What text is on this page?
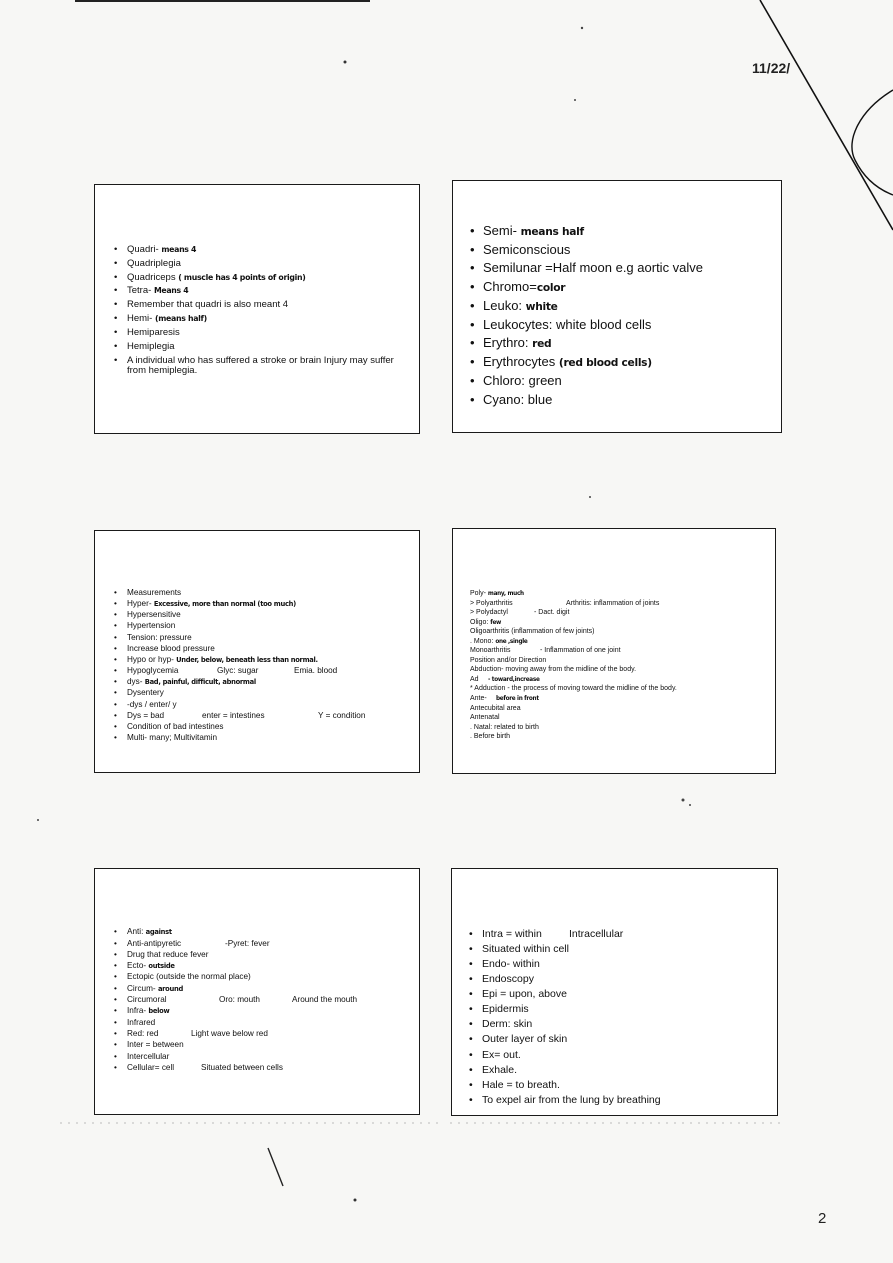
11/22/
• Quadri- means 4
• Quadriplegia
• Quadriceps ( muscle has 4 points of origin)
• Tetra- Means 4
• Remember that quadri is also meant 4
• Hemi- (means half)
• Hemiparesis
• Hemiplegia
• A individual who has suffered a stroke or brain Injury may suffer from hemiplegia.
• Semi- means half
• Semiconscious
• Semilunar =Half moon e.g aortic valve
• Chromo=color
• Leuko: white
• Leukocytes: white blood cells
• Erythro: red
• Erythrocytes (red blood cells)
• Chloro: green
• Cyano: blue
• Measurements
• Hyper- Excessive, more than normal (too much)
• Hypersensitive
• Hypertension
• Tension: pressure
• Increase blood pressure
• Hypo or hyp- Under, below, beneath less than normal.
• Hypoglycemia	Glyc: sugar	Emia. blood
• dys- Bad, painful, difficult, abnormal
• Dysentery
• -dys / enter/ y
• Dys = bad	enter = intestines	Y = condition
• Condition of bad intestines
• Multi- many; Multivitamin
Poly- many, much
> Polyarthritis	Arthritis: inflammation of joints
> Polydactyl	- Dact. digit
Oligo: few
Oligoarthritis (inflammation of few joints)
. Mono: one ,single
Monoarthritis	- Inflammation of one joint
Position and/or Direction
Abduction- moving away from the midline of the body.
Ad - toward,increase
* Adduction - the process of moving toward the midline of the body.
Ante- before in front
Antecubital area
Antenatal
. Natal: related to birth
. Before birth
• Anti: against
• Anti-antipyretic	-Pyret: fever
• Drug that reduce fever
• Ecto- outside
• Ectopic (outside the normal place)
• Circum- around
• Circumoral	Oro: mouth	Around the mouth
• Infra- below
• Infrared
• Red: red	Light wave below red
• Inter = between
• Intercellular
• Cellular= cell	Situated between cells
• Intra = within	Intracellular
• Situated within cell
• Endo- within
• Endoscopy
• Epi = upon, above
• Epidermis
• Derm: skin
• Outer layer of skin
• Ex= out.
• Exhale.
• Hale = to breath.
• To expel air from the lung by breathing
2
